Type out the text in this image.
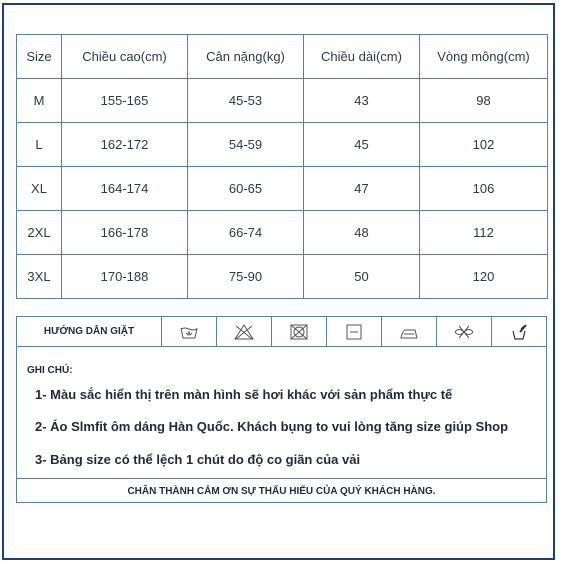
Size	Chiều cao(cm)	Cân nặng(kg)	Chiều dài(cm)	Vòng mông(cm)
M	155-165	45-53	43	98
L	162-172	54-59	45	102
XL	164-174	60-65	47	106
2XL	166-178	66-74	48	112
3XL	170-188	75-90	50	120
HƯỚNG DẪN GIẶT
GHI CHÚ:
1- Màu sắc hiển thị trên màn hình sẽ hơi khác với sản phẩm thực tế
2- Áo Slmfit ôm dáng Hàn Quốc. Khách bụng to vui lòng tăng size giúp Shop
3- Bảng size có thể lệch 1 chút do độ co giãn của vải
CHÂN THÀNH CẢM ƠN SỰ THẤU HIỂU CỦA QUÝ KHÁCH HÀNG.
